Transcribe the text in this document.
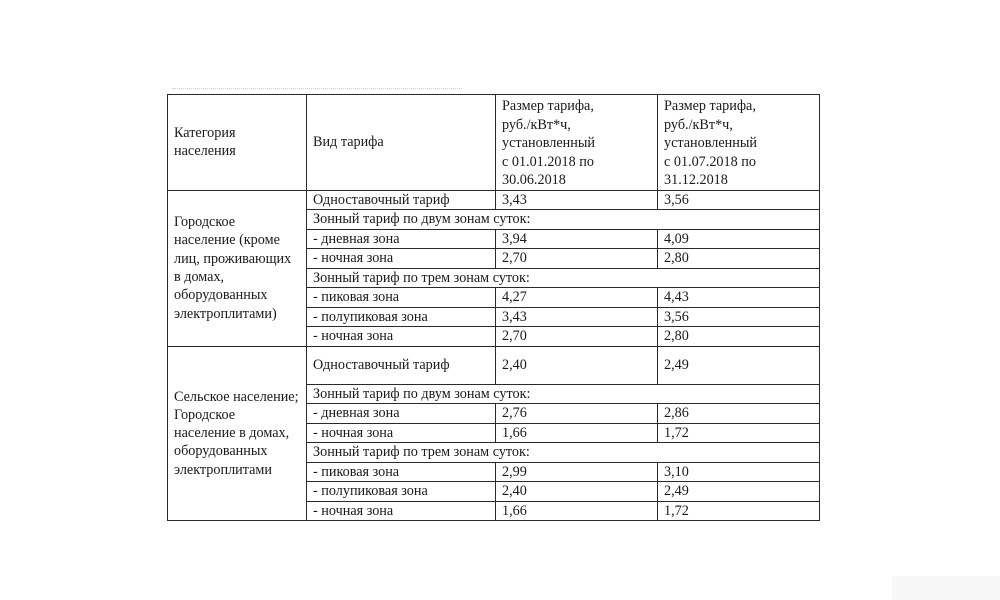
Категория населения	Вид тарифа	Размер тарифа,
руб./кВт*ч,
установленный
с 01.01.2018 по
30.06.2018	Размер тарифа,
руб./кВт*ч,
установленный
с 01.07.2018 по
31.12.2018

Городское население (кроме лиц, проживающих в домах, оборудованных электроплитами)	Одноставочный тариф	3,43	3,56
	Зонный тариф по двум зонам суток:		
	- дневная зона	3,94	4,09
	- ночная зона	2,70	2,80
	Зонный тариф по трем зонам суток:		
	- пиковая зона	4,27	4,43
	- полупиковая зона	3,43	3,56
	- ночная зона	2,70	2,80
Сельское население; Городское население в домах, оборудованных электроплитами	Одноставочный тариф	2,40	2,49
	Зонный тариф по двум зонам суток:		
	- дневная зона	2,76	2,86
	- ночная зона	1,66	1,72
	Зонный тариф по трем зонам суток:		
	- пиковая зона	2,99	3,10
	- полупиковая зона	2,40	2,49
	- ночная зона	1,66	1,72
